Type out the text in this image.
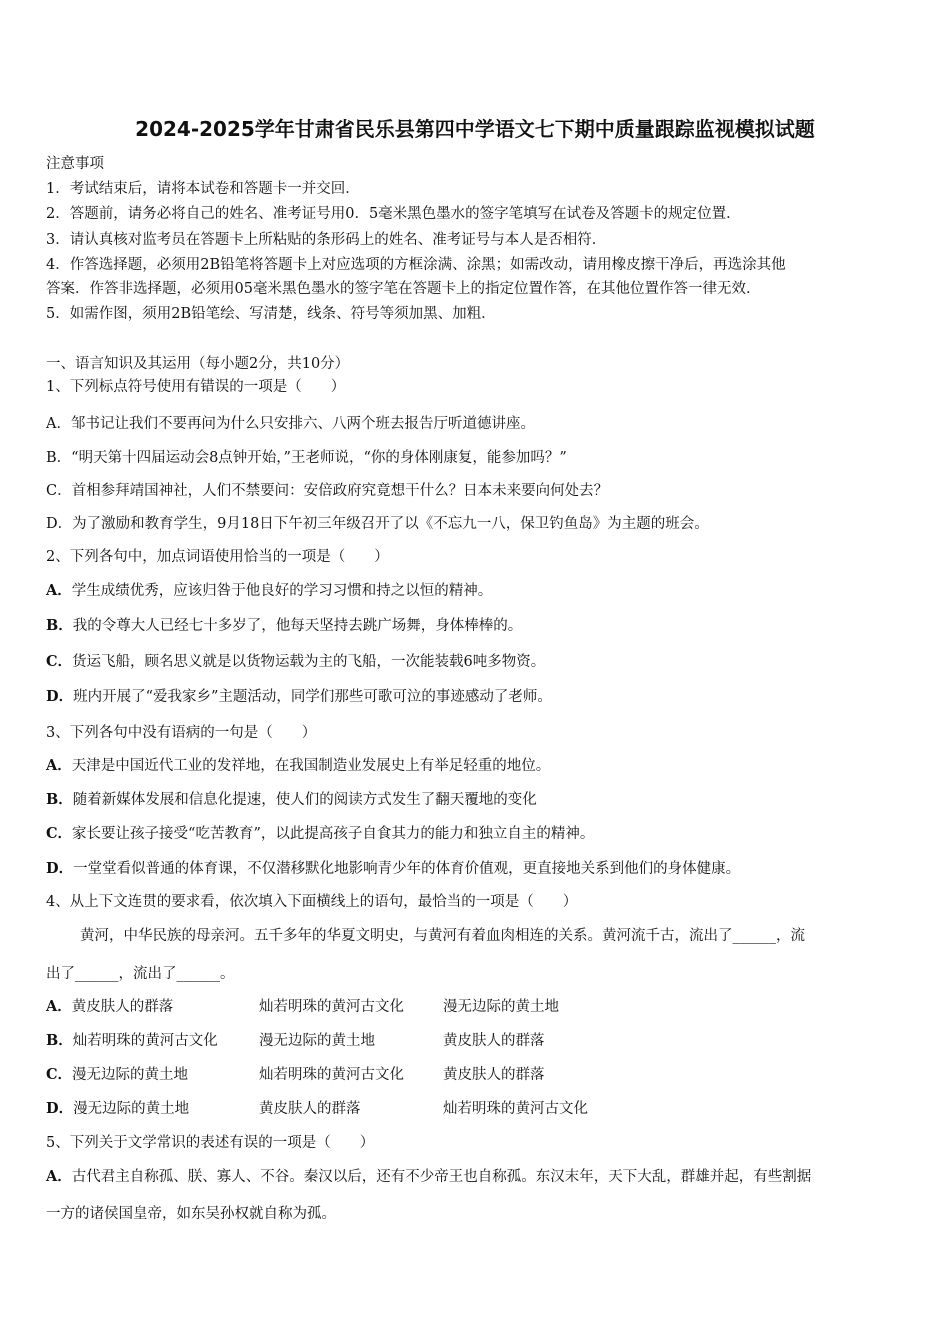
2024-2025学年甘肃省民乐县第四中学语文七下期中质量跟踪监视模拟试题
注意事项
1．考试结束后，请将本试卷和答题卡一并交回．
2．答题前，请务必将自己的姓名、准考证号用0．5毫米黑色墨水的签字笔填写在试卷及答题卡的规定位置．
3．请认真核对监考员在答题卡上所粘贴的条形码上的姓名、准考证号与本人是否相符．
4．作答选择题，必须用2B铅笔将答题卡上对应选项的方框涂满、涂黑；如需改动，请用橡皮擦干净后，再选涂其他
答案．作答非选择题，必须用05毫米黑色墨水的签字笔在答题卡上的指定位置作答，在其他位置作答一律无效．
5．如需作图，须用2B铅笔绘、写清楚，线条、符号等须加黑、加粗．
一、语言知识及其运用（每小题2分，共10分）
1、下列标点符号使用有错误的一项是（　　）
A．邹书记让我们不要再问为什么只安排六、八两个班去报告厅听道德讲座。
B．“明天第十四届运动会8点钟开始，”王老师说，“你的身体刚康复，能参加吗？”
C．首相参拜靖国神社，人们不禁要问：安倍政府究竟想干什么？日本未来要向何处去？
D．为了激励和教育学生，9月18日下午初三年级召开了以《不忘九一八，保卫钓鱼岛》为主题的班会。
2、下列各句中，加点词语使用恰当的一项是（　　）
A．学生成绩优秀，应该归咎于他良好的学习习惯和持之以恒的精神。
B．我的令尊大人已经七十多岁了，他每天坚持去跳广场舞，身体棒棒的。
C．货运飞船，顾名思义就是以货物运载为主的飞船，一次能装载6吨多物资。
D．班内开展了“爱我家乡”主题活动，同学们那些可歌可泣的事迹感动了老师。
3、下列各句中没有语病的一句是（　　）
A．天津是中国近代工业的发祥地，在我国制造业发展史上有举足轻重的地位。
B．随着新媒体发展和信息化提速，使人们的阅读方式发生了翻天覆地的变化
C．家长要让孩子接受“吃苦教育”，以此提高孩子自食其力的能力和独立自主的精神。
D．一堂堂看似普通的体育课，不仅潜移默化地影响青少年的体育价值观，更直接地关系到他们的身体健康。
4、从上下文连贯的要求看，依次填入下面横线上的语句，最恰当的一项是（　　）
黄河，中华民族的母亲河。五千多年的华夏文明史，与黄河有着血肉相连的关系。黄河流千古，流出了______，流
出了______，流出了______。
A．黄皮肤人的群落	灿若明珠的黄河古文化	漫无边际的黄土地
B．灿若明珠的黄河古文化	漫无边际的黄土地	黄皮肤人的群落
C．漫无边际的黄土地	灿若明珠的黄河古文化	黄皮肤人的群落
D．漫无边际的黄土地	黄皮肤人的群落	灿若明珠的黄河古文化
5、下列关于文学常识的表述有误的一项是（　　）
A．古代君主自称孤、朕、寡人、不谷。秦汉以后，还有不少帝王也自称孤。东汉末年，天下大乱，群雄并起，有些割据
一方的诸侯国皇帝，如东吴孙权就自称为孤。
